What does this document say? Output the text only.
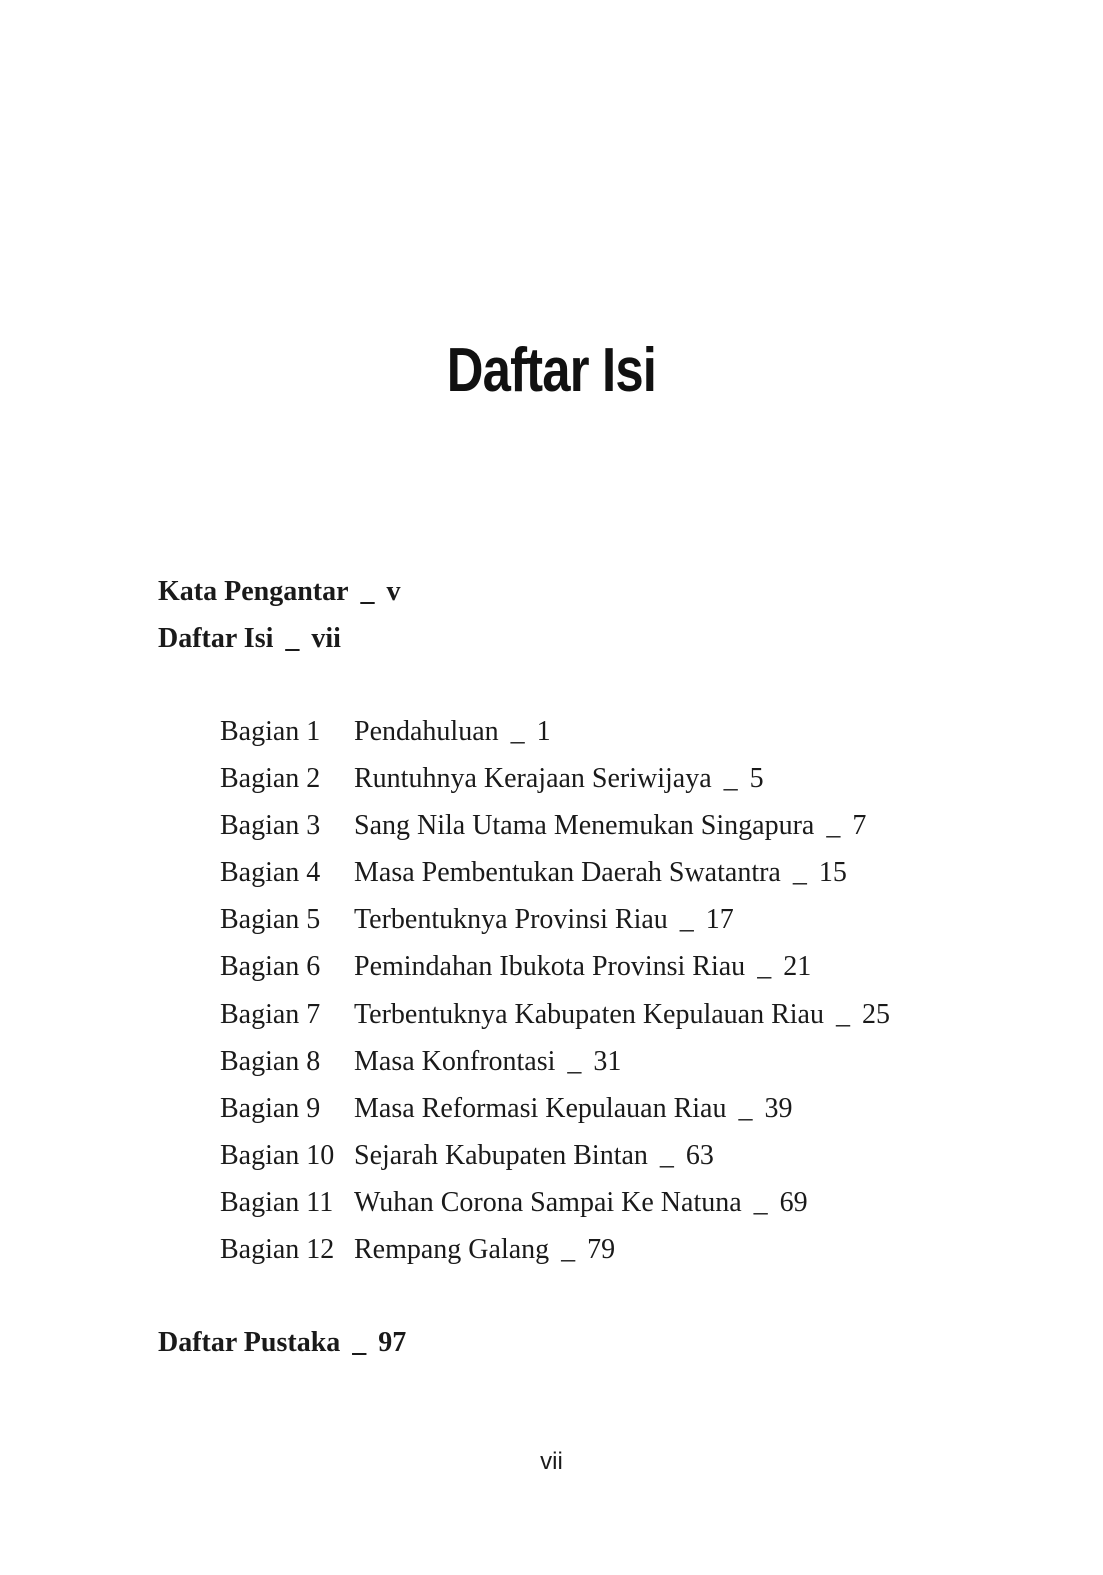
Daftar Isi
Kata Pengantar _ v
Daftar Isi _ vii
Bagian 1	Pendahuluan _ 1
Bagian 2	Runtuhnya Kerajaan Seriwijaya _ 5
Bagian 3	Sang Nila Utama Menemukan Singapura _ 7
Bagian 4	Masa Pembentukan Daerah Swatantra _ 15
Bagian 5	Terbentuknya Provinsi Riau _ 17
Bagian 6	Pemindahan Ibukota Provinsi Riau _ 21
Bagian 7	Terbentuknya Kabupaten Kepulauan Riau _ 25
Bagian 8	Masa Konfrontasi _ 31
Bagian 9	Masa Reformasi Kepulauan Riau _ 39
Bagian 10 Sejarah Kabupaten Bintan _ 63
Bagian 11 Wuhan Corona Sampai Ke Natuna _ 69
Bagian 12 Rempang Galang _ 79
Daftar Pustaka _ 97
vii
